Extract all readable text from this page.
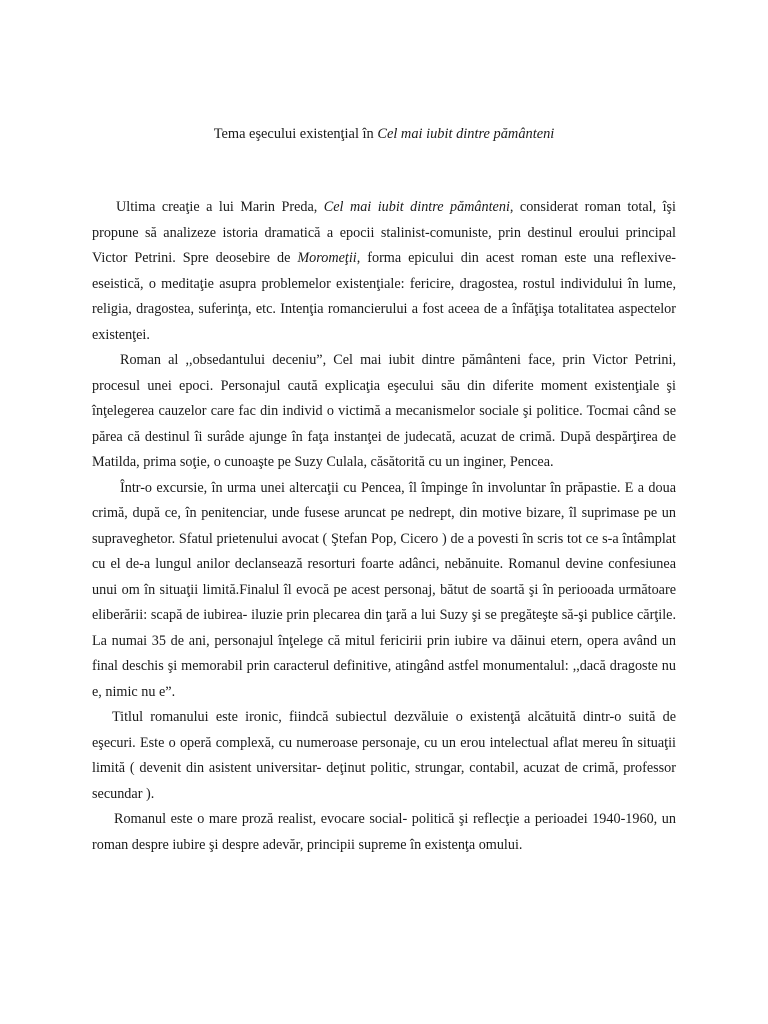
Tema eşecului existenţial în Cel mai iubit dintre pământeni

Ultima creaţie a lui Marin Preda, Cel mai iubit dintre pământeni, considerat roman total, îşi propune să analizeze istoria dramatică a epocii stalinist-comuniste, prin destinul eroului principal Victor Petrini. Spre deosebire de Moromeţii, forma epicului din acest roman este una reflexive-eseistică, o meditaţie asupra problemelor existenţiale: fericire, dragostea, rostul individului în lume, religia, dragostea, suferinţa, etc. Intenţia romancierului a fost aceea de a înfăţişa totalitatea aspectelor existenţei.

Roman al ,,obsedantului deceniu”, Cel mai iubit dintre pământeni face, prin Victor Petrini, procesul unei epoci. Personajul caută explicaţia eşecului său din diferite moment existenţiale şi înţelegerea cauzelor care fac din individ o victimă a mecanismelor sociale şi politice. Tocmai când se părea că destinul îi surâde ajunge în faţa instanţei de judecată, acuzat de crimă. După despărţirea de Matilda, prima soţie, o cunoaşte pe Suzy Culala, căsătorită cu un inginer, Pencea.

Într-o excursie, în urma unei altercaţii cu Pencea, îl împinge în involuntar în prăpastie. E a doua crimă, după ce, în penitenciar, unde fusese aruncat pe nedrept, din motive bizare, îl suprimase pe un supraveghetor. Sfatul prietenului avocat ( Ştefan Pop, Cicero ) de a povesti în scris tot ce s-a întâmplat cu el de-a lungul anilor declansează resorturi foarte adânci, nebănuite. Romanul devine confesiunea unui om în situaţii limită.Finalul îl evocă pe acest personaj, bătut de soartă şi în periooada următoare eliberării: scapă de iubirea- iluzie prin plecarea din ţară a lui Suzy şi se pregăteşte să-şi publice cărţile. La numai 35 de ani, personajul înţelege că mitul fericirii prin iubire va dăinui etern, opera având un final deschis şi memorabil prin caracterul definitive, atingând astfel monumentalul: ,,dacă dragoste nu e, nimic nu e”.

Titlul romanului este ironic, fiindcă subiectul dezvăluie o existenţă alcătuită dintr-o suită de eşecuri. Este o operă complexă, cu numeroase personaje, cu un erou intelectual aflat mereu în situaţii limită ( devenit din asistent universitar- deţinut politic, strungar, contabil, acuzat de crimă, professor secundar ).

Romanul este o mare proză realist, evocare social- politică şi reflecţie a perioadei 1940-1960, un roman despre iubire şi despre adevăr, principii supreme în existenţa omului.
